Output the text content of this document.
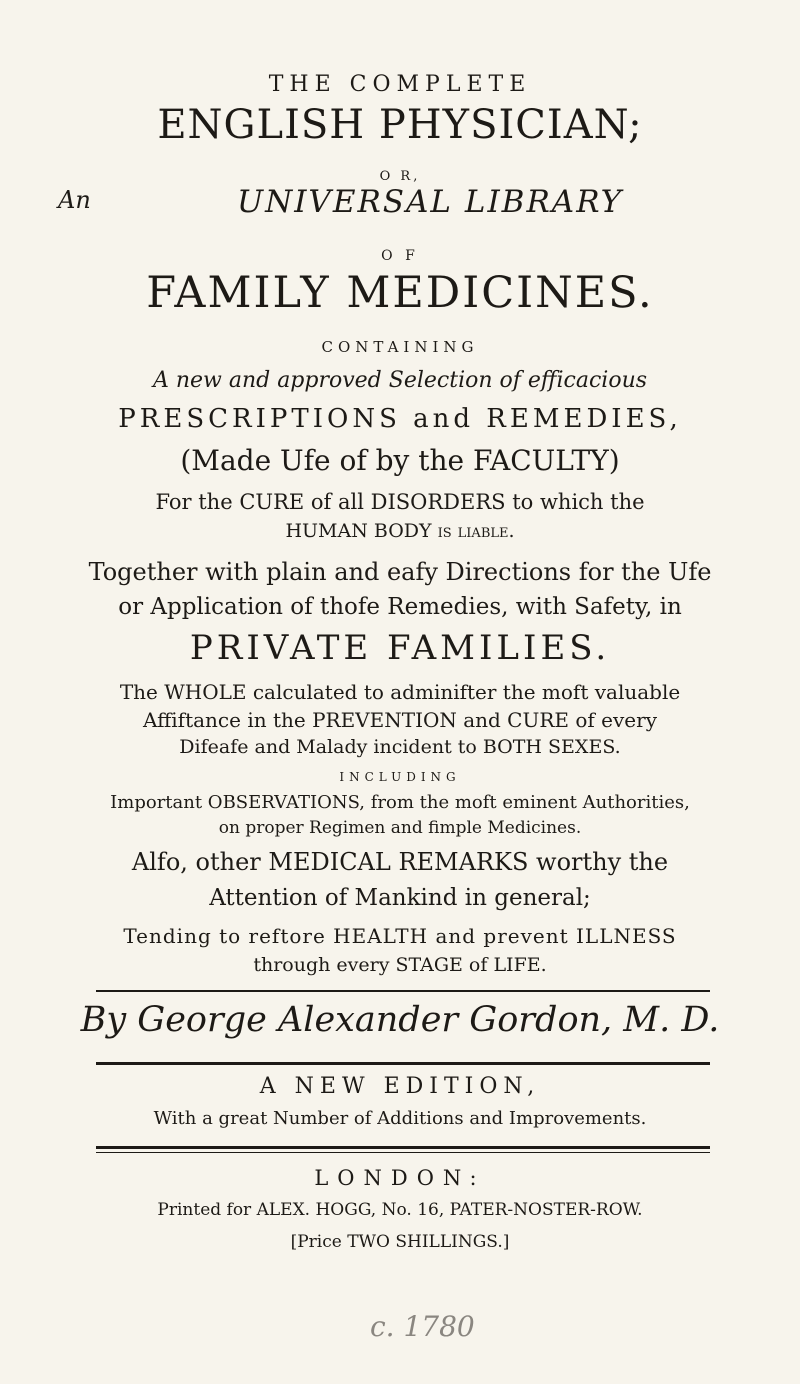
THE COMPLETE
ENGLISH PHYSICIAN;
O R,
An	UNIVERSAL LIBRARY
O F
FAMILY MEDICINES.
CONTAINING
A new and approved Selection of efficacious
PRESCRIPTIONS and REMEDIES,
(Made Ufe of by the FACULTY)
For the CURE of all DISORDERS to which the
HUMAN BODY is liable.
Together with plain and eafy Directions for the Ufe
or Application of thofe Remedies, with Safety, in
PRIVATE FAMILIES.
The WHOLE calculated to adminifter the moft valuable
Affiftance in the PREVENTION and CURE of every
Difeafe and Malady incident to BOTH SEXES.
INCLUDING
Important OBSERVATIONS, from the moft eminent Authorities,
on proper Regimen and fimple Medicines.
Alfo, other MEDICAL REMARKS worthy the
Attention of Mankind in general;
Tending to reftore HEALTH and prevent ILLNESS
through every STAGE of LIFE.
By George Alexander Gordon, M. D.
A NEW EDITION,
With a great Number of Additions and Improvements.
LONDON:
Printed for ALEX. HOGG, No. 16, PATER-NOSTER-ROW.
[Price TWO SHILLINGS.]
c. 1780
